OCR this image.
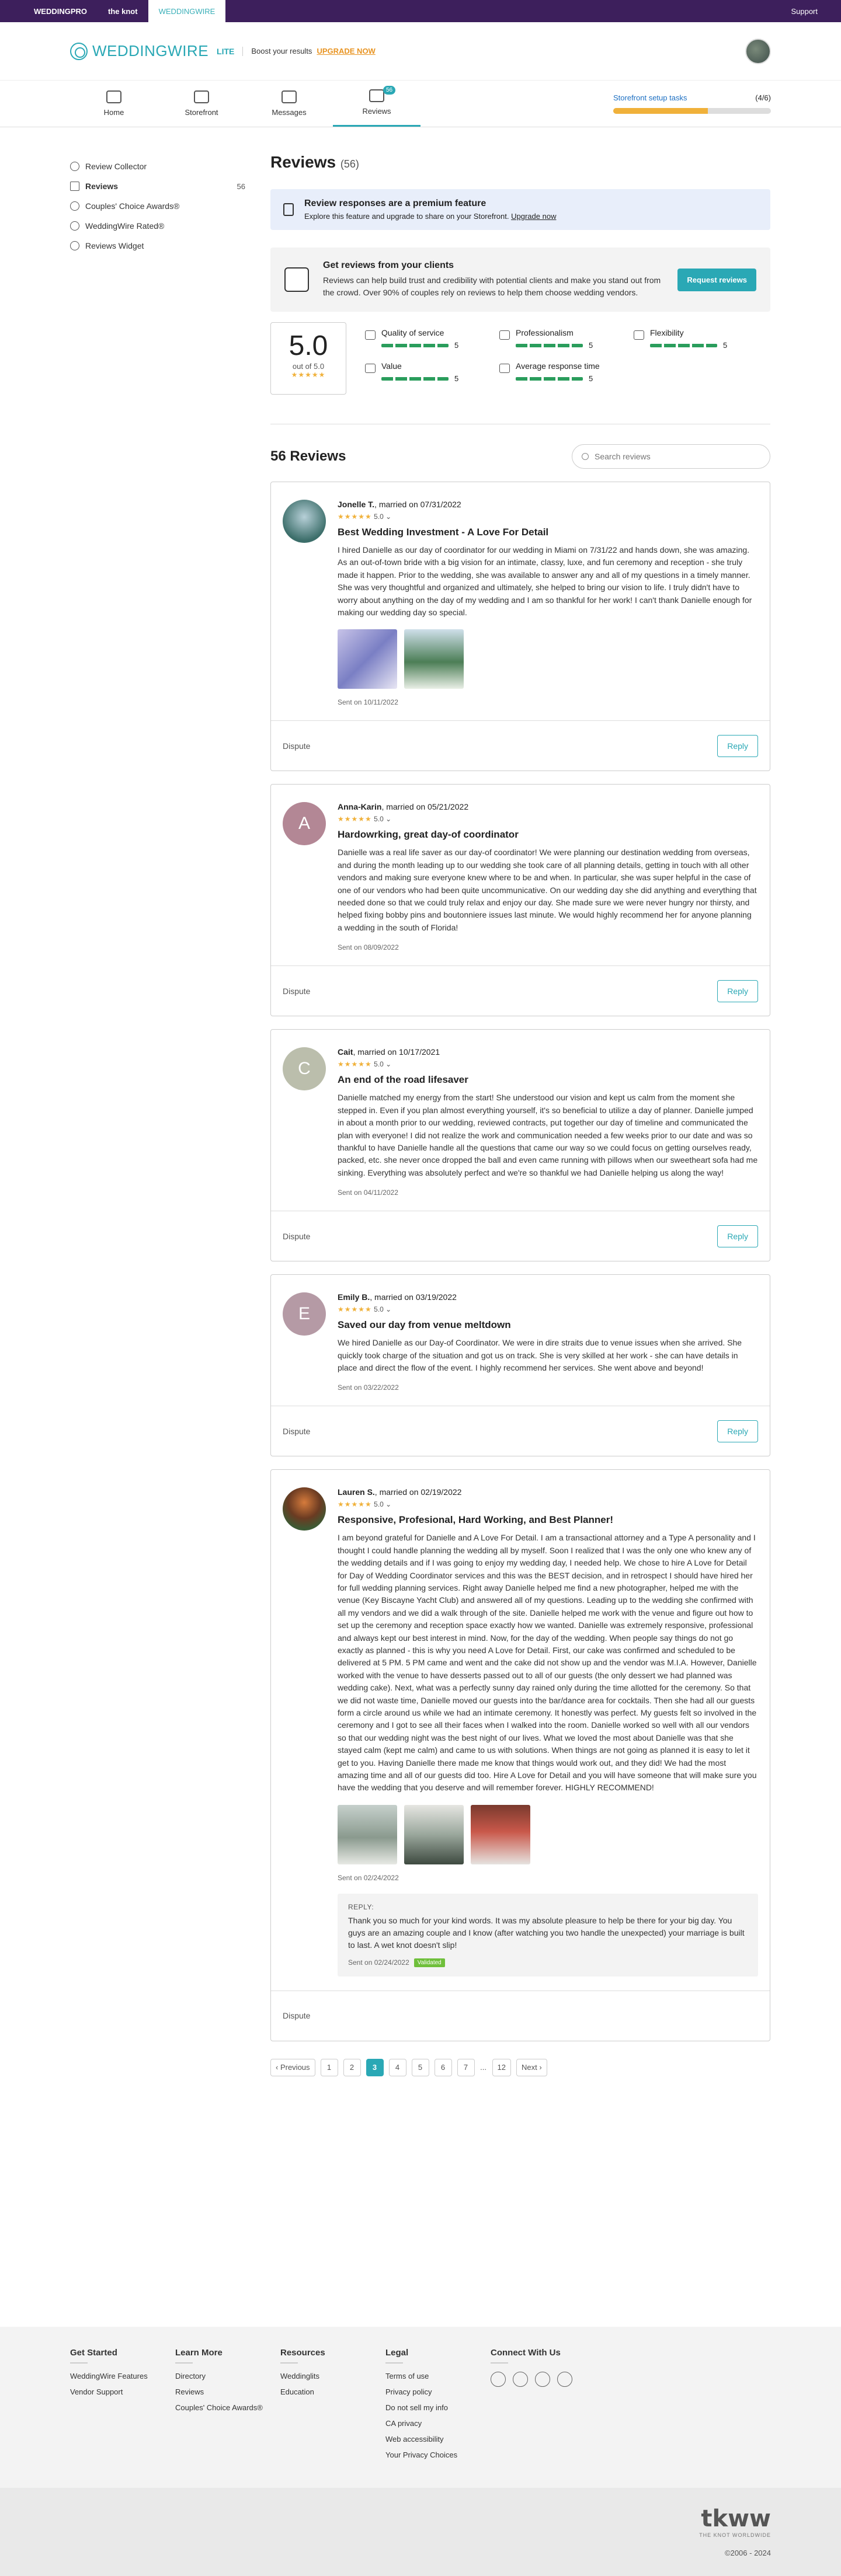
WEDDINGPRO	the knot	WEDDINGWIRE	Support
WEDDINGWIRE LITE	Boost your results UPGRADE NOW
Home	Storefront	Messages
56
Reviews
Storefront setup tasks	(4/6)
Review Collector
Reviews	56
Couples' Choice Awards®
WeddingWire Rated®
Reviews Widget
Reviews (56)
Review responses are a premium feature
Explore this feature and upgrade to share on your Storefront. Upgrade now
Get reviews from your clients
Reviews can help build trust and credibility with potential clients and make you stand out from the crowd. Over 90% of couples rely on reviews to help them choose wedding vendors.
Request reviews
5.0
out of 5.0
★★★★★
Quality of service
5
Professionalism
5
Flexibility
5
Value
5
Average response time
5
56 Reviews
Search reviews
Jonelle T., married on 07/31/2022
★★★★★ 5.0 ⌄
Best Wedding Investment - A Love For Detail
I hired Danielle as our day of coordinator for our wedding in Miami on 7/31/22 and hands down, she was amazing. As an out-of-town bride with a big vision for an intimate, classy, luxe, and fun ceremony and reception - she truly made it happen. Prior to the wedding, she was available to answer any and all of my questions in a timely manner. She was very thoughtful and organized and ultimately, she helped to bring our vision to life. I truly didn't have to worry about anything on the day of my wedding and I am so thankful for her work! I can't thank Danielle enough for making our wedding day so special.
Sent on 10/11/2022
Dispute	Reply
A
Anna-Karin, married on 05/21/2022
★★★★★ 5.0 ⌄
Hardowrking, great day-of coordinator
Danielle was a real life saver as our day-of coordinator! We were planning our destination wedding from overseas, and during the month leading up to our wedding she took care of all planning details, getting in touch with all other vendors and making sure everyone knew where to be and when. In particular, she was super helpful in the case of one of our vendors who had been quite uncommunicative. On our wedding day she did anything and everything that needed done so that we could truly relax and enjoy our day. She made sure we were never hungry nor thirsty, and helped fixing bobby pins and boutonniere issues last minute. We would highly recommend her for anyone planning a wedding in the south of Florida!
Sent on 08/09/2022
Dispute	Reply
C
Cait, married on 10/17/2021
★★★★★ 5.0 ⌄
An end of the road lifesaver
Danielle matched my energy from the start! She understood our vision and kept us calm from the moment she stepped in. Even if you plan almost everything yourself, it's so beneficial to utilize a day of planner. Danielle jumped in about a month prior to our wedding, reviewed contracts, put together our day of timeline and communicated the plan with everyone! I did not realize the work and communication needed a few weeks prior to our date and was so thankful to have Danielle handle all the questions that came our way so we could focus on getting ourselves ready, packed, etc. she never once dropped the ball and even came running with pillows when our sweetheart sofa had me sinking. Everything was absolutely perfect and we're so thankful we had Danielle helping us along the way!
Sent on 04/11/2022
Dispute	Reply
E
Emily B., married on 03/19/2022
★★★★★ 5.0 ⌄
Saved our day from venue meltdown
We hired Danielle as our Day-of Coordinator. We were in dire straits due to venue issues when she arrived. She quickly took charge of the situation and got us on track. She is very skilled at her work - she can have details in place and direct the flow of the event. I highly recommend her services. She went above and beyond!
Sent on 03/22/2022
Dispute	Reply
Lauren S., married on 02/19/2022
★★★★★ 5.0 ⌄
Responsive, Profesional, Hard Working, and Best Planner!
I am beyond grateful for Danielle and A Love For Detail. I am a transactional attorney and a Type A personality and I thought I could handle planning the wedding all by myself. Soon I realized that I was the only one who knew any of the wedding details and if I was going to enjoy my wedding day, I needed help. We chose to hire A Love for Detail for Day of Wedding Coordinator services and this was the BEST decision, and in retrospect I should have hired her for full wedding planning services. Right away Danielle helped me find a new photographer, helped me with the venue (Key Biscayne Yacht Club) and answered all of my questions. Leading up to the wedding she confirmed with all my vendors and we did a walk through of the site. Danielle helped me work with the venue and figure out how to set up the ceremony and reception space exactly how we wanted. Danielle was extremely responsive, professional and always kept our best interest in mind. Now, for the day of the wedding. When people say things do not go exactly as planned - this is why you need A Love for Detail. First, our cake was confirmed and scheduled to be delivered at 5 PM. 5 PM came and went and the cake did not show up and the vendor was M.I.A. However, Danielle worked with the venue to have desserts passed out to all of our guests (the only dessert we had planned was wedding cake). Next, what was a perfectly sunny day rained only during the time allotted for the ceremony. So that we did not waste time, Danielle moved our guests into the bar/dance area for cocktails. Then she had all our guests form a circle around us while we had an intimate ceremony. It honestly was perfect. My guests felt so involved in the ceremony and I got to see all their faces when I walked into the room. Danielle worked so well with all our vendors so that our wedding night was the best night of our lives. What we loved the most about Danielle was that she stayed calm (kept me calm) and came to us with solutions. When things are not going as planned it is easy to let it get to you. Having Danielle there made me know that things would work out, and they did! We had the most amazing time and all of our guests did too. Hire A Love for Detail and you will have someone that will make sure you have the wedding that you deserve and will remember forever. HIGHLY RECOMMEND!
Sent on 02/24/2022
REPLY:
Thank you so much for your kind words. It was my absolute pleasure to help be there for your big day. You guys are an amazing couple and I know (after watching you two handle the unexpected) your marriage is built to last. A wet knot doesn't slip!
Sent on 02/24/2022	Validated
Dispute
‹ Previous	1	2	3	4	5	6	7	...	12	Next ›
Get Started
WeddingWire Features
Vendor Support
Learn More
Directory
Reviews
Couples' Choice Awards®
Resources
Weddinglits
Education
Legal
Terms of use
Privacy policy
Do not sell my info
CA privacy
Web accessibility
Your Privacy Choices
Connect With Us
tkww
THE KNOT WORLDWIDE
©2006 - 2024
